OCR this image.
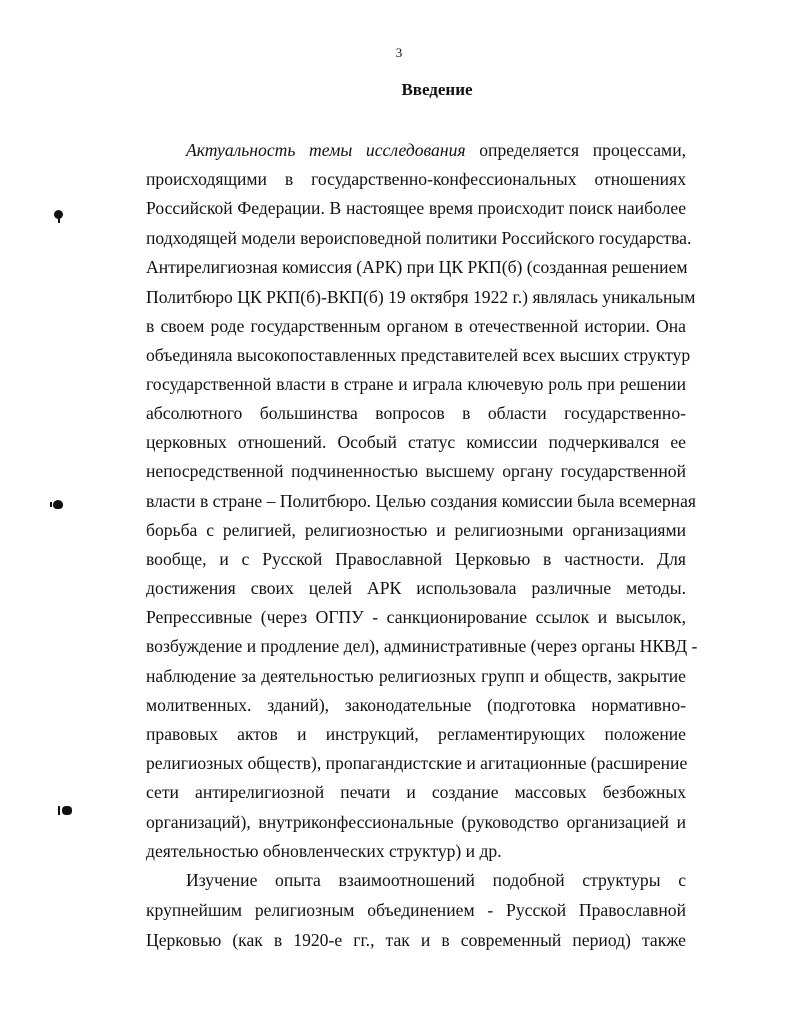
3
Введение
Актуальность темы исследования определяется процессами,
происходящими в государственно-конфессиональных отношениях
Российской Федерации. В настоящее время происходит поиск наиболее
подходящей модели вероисповедной политики Российского государства.
Антирелигиозная комиссия (АРК) при ЦК РКП(б) (созданная решением
Политбюро ЦК РКП(б)-ВКП(б) 19 октября 1922 г.) являлась уникальным
в своем роде государственным органом в отечественной истории. Она
объединяла высокопоставленных представителей всех высших структур
государственной власти в стране и играла ключевую роль при решении
абсолютного большинства вопросов в области государственно-
церковных отношений. Особый статус комиссии подчеркивался ее
непосредственной подчиненностью высшему органу государственной
власти в стране – Политбюро. Целью создания комиссии была всемерная
борьба с религией, религиозностью и религиозными организациями
вообще, и с Русской Православной Церковью в частности. Для
достижения своих целей АРК использовала различные методы.
Репрессивные (через ОГПУ - санкционирование ссылок и высылок,
возбуждение и продление дел), административные (через органы НКВД -
наблюдение за деятельностью религиозных групп и обществ, закрытие
молитвенных. зданий), законодательные (подготовка нормативно-
правовых актов и инструкций, регламентирующих положение
религиозных обществ), пропагандистские и агитационные (расширение
сети антирелигиозной печати и создание массовых безбожных
организаций), внутриконфессиональные (руководство организацией и
деятельностью обновленческих структур) и др.
Изучение опыта взаимоотношений подобной структуры с
крупнейшим религиозным объединением - Русской Православной
Церковью (как в 1920-е гг., так и в современный период) также
